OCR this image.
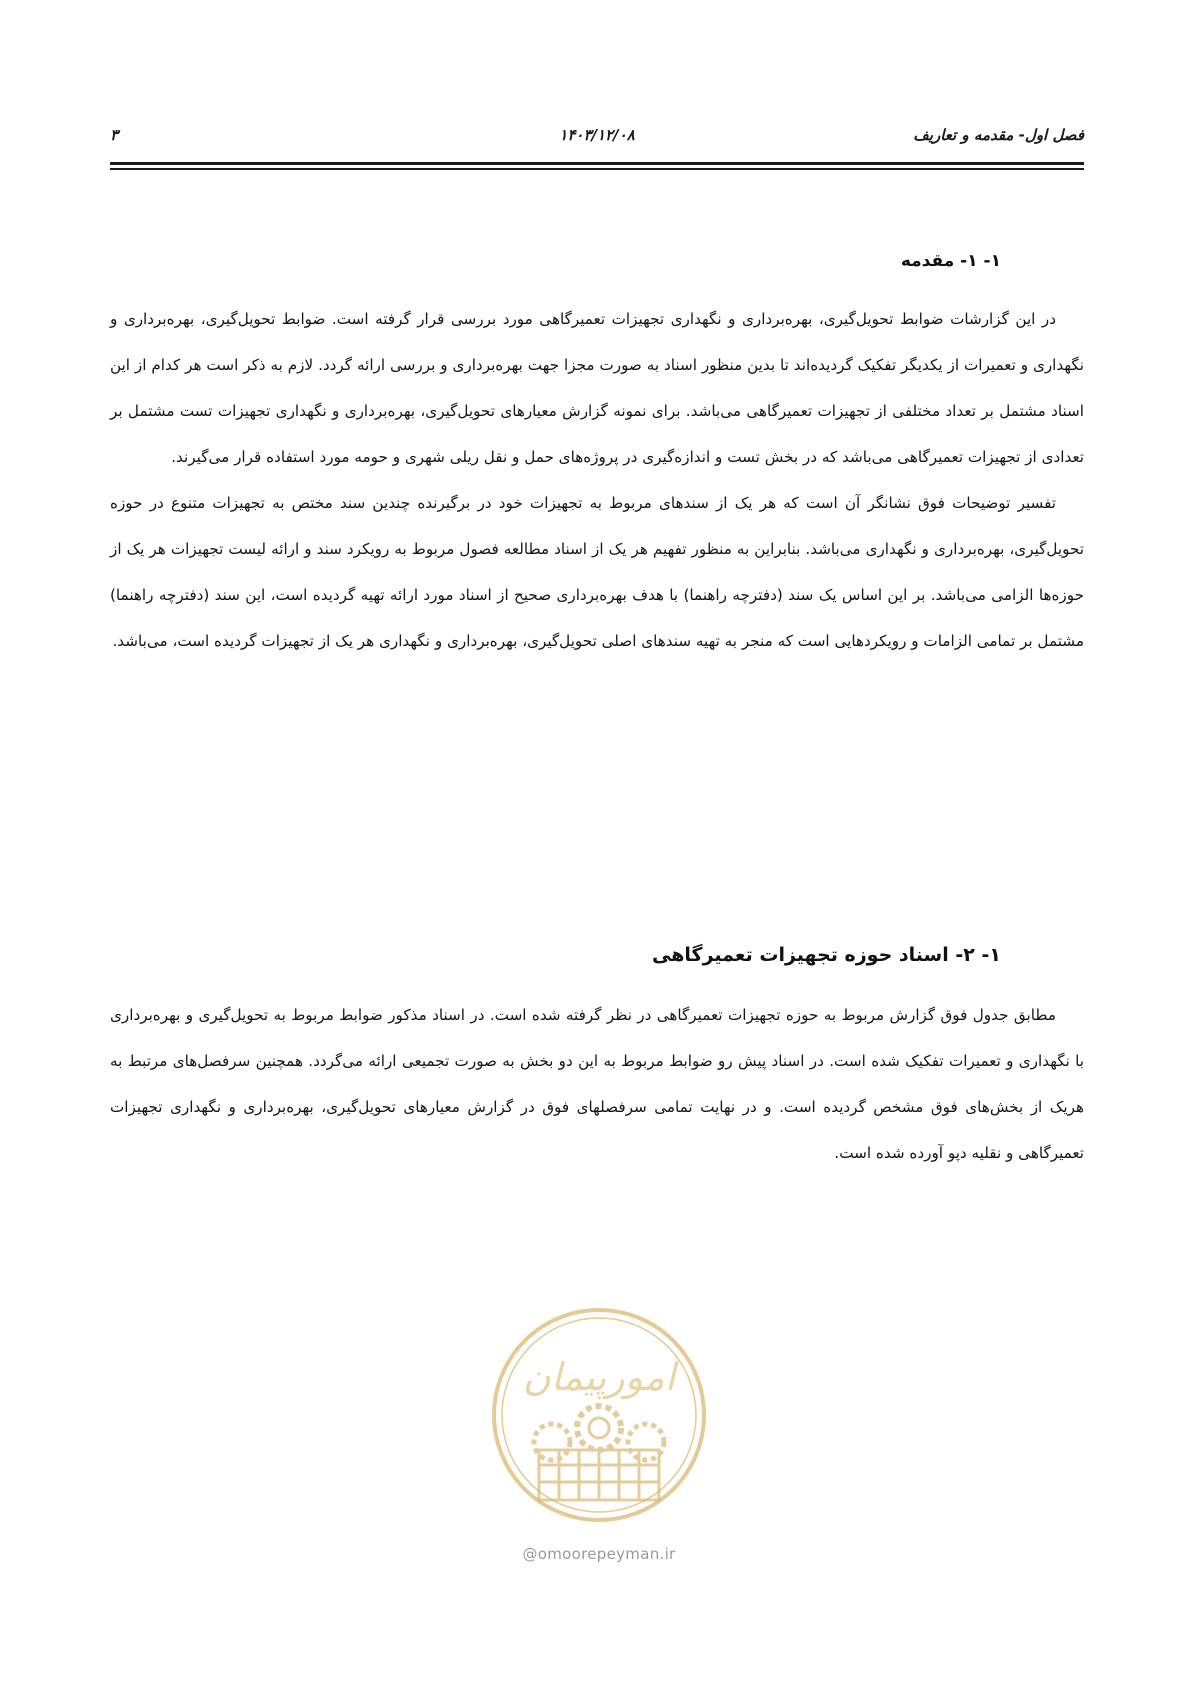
فصل اول- مقدمه و تعاریف
۱۴۰۳/۱۲/۰۸
۳
۱- ۱- مقدمه

در این گزارشات ضوابط تحویل‌گیری، بهره‌برداری و نگهداری تجهیزات تعمیرگاهی مورد بررسی قرار گرفته است. ضوابط تحویل‌گیری، بهره‌برداری و نگهداری و تعمیرات از یکدیگر تفکیک گردیده‌اند تا بدین منظور اسناد به صورت مجزا جهت بهره‌برداری و بررسی ارائه گردد. لازم به ذکر است هر کدام از این اسناد مشتمل بر تعداد مختلفی از تجهیزات تعمیرگاهی می‌باشد. برای نمونه گزارش معیارهای تحویل‌گیری، بهره‌برداری و نگهداری تجهیزات تست مشتمل بر تعدادی از تجهیزات تعمیرگاهی می‌باشد که در بخش تست و اندازه‌گیری در پروژه‌های حمل و نقل ریلی شهری و حومه مورد استفاده قرار می‌گیرند.

تفسیر توضیحات فوق نشانگر آن است که هر یک از سندهای مربوط به تجهیزات خود در برگیرنده چندین سند مختص به تجهیزات متنوع در حوزه تحویل‌گیری، بهره‌برداری و نگهداری می‌باشد. بنابراین به منظور تفهیم هر یک از اسناد مطالعه فصول مربوط به رویکرد سند و ارائه لیست تجهیزات هر یک از حوزه‌ها الزامی می‌باشد. بر این اساس یک سند (دفترچه راهنما) با هدف بهره‌برداری صحیح از اسناد مورد ارائه تهیه گردیده است، این سند (دفترچه راهنما) مشتمل بر تمامی الزامات و رویکردهایی است که منجر به تهیه سندهای اصلی تحویل‌گیری، بهره‌برداری و نگهداری هر یک از تجهیزات گردیده است، می‌باشد.

۱- ۲- اسناد حوزه تجهیزات تعمیرگاهی

مطابق جدول فوق گزارش مربوط به حوزه تجهیزات تعمیرگاهی در نظر گرفته شده است. در اسناد مذکور ضوابط مربوط به تحویل‌گیری و بهره‌برداری با نگهداری و تعمیرات تفکیک شده است. در اسناد پیش رو ضوابط مربوط به این دو بخش به صورت تجمیعی ارائه می‌گردد. همچنین سرفصل‌های مرتبط به هریک از بخش‌های فوق مشخص گردیده است. و در نهایت تمامی سرفصلهای فوق در گزارش معیارهای تحویل‌گیری، بهره‌برداری و نگهداری تجهیزات تعمیرگاهی و نقلیه دپو آورده شده است.

امورپیمان
@omoorepeyman.ir
